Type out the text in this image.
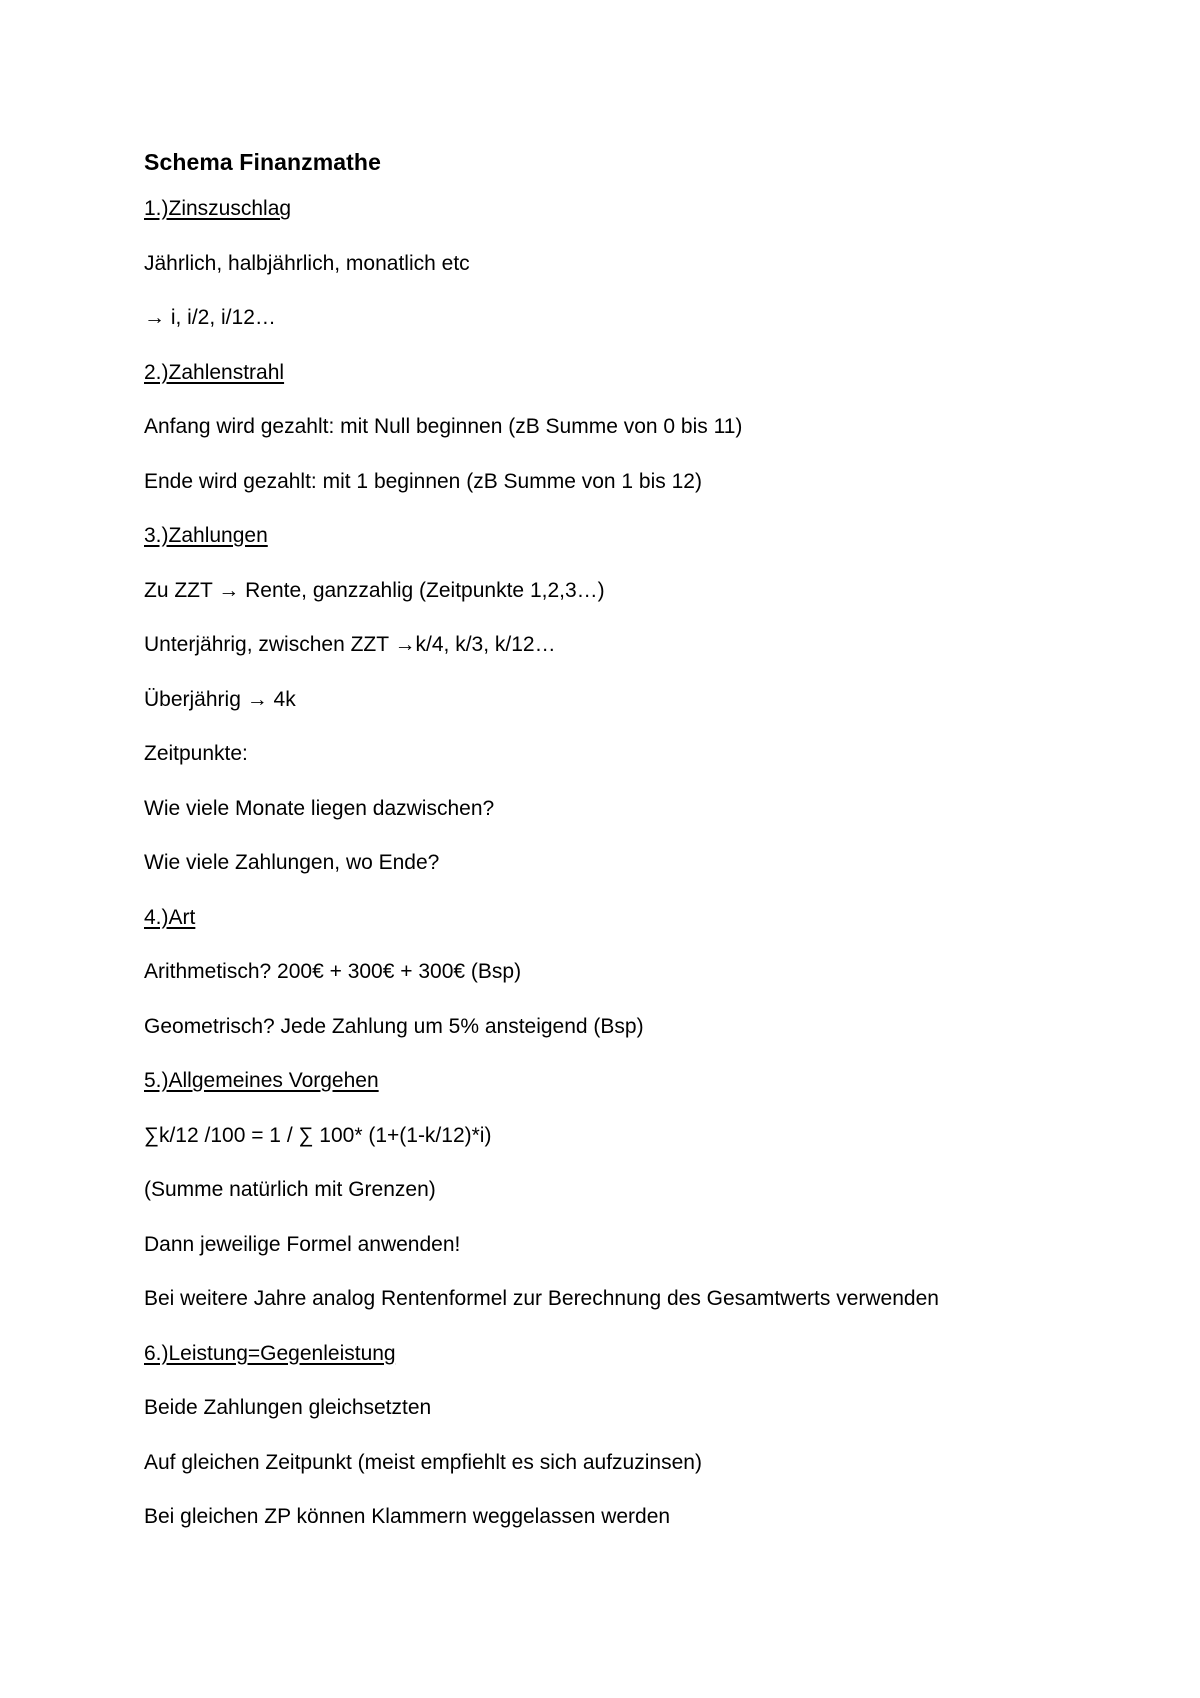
Schema Finanzmathe
1.)Zinszuschlag
Jährlich, halbjährlich, monatlich etc
→ i, i/2, i/12…
2.)Zahlenstrahl
Anfang wird gezahlt: mit Null beginnen (zB Summe von 0 bis 11)
Ende wird gezahlt: mit 1 beginnen (zB Summe von 1 bis 12)
3.)Zahlungen
Zu ZZT → Rente, ganzzahlig (Zeitpunkte 1,2,3…)
Unterjährig, zwischen ZZT →k/4, k/3, k/12…
Überjährig → 4k
Zeitpunkte:
Wie viele Monate liegen dazwischen?
Wie viele Zahlungen, wo Ende?
4.)Art
Arithmetisch? 200€ + 300€ + 300€ (Bsp)
Geometrisch? Jede Zahlung um 5% ansteigend (Bsp)
5.)Allgemeines Vorgehen
∑k/12 /100 = 1 / ∑ 100* (1+(1-k/12)*i)
(Summe natürlich mit Grenzen)
Dann jeweilige Formel anwenden!
Bei weitere Jahre analog Rentenformel zur Berechnung des Gesamtwerts verwenden
6.)Leistung=Gegenleistung
Beide Zahlungen gleichsetzten
Auf gleichen Zeitpunkt (meist empfiehlt es sich aufzuzinsen)
Bei gleichen ZP können Klammern weggelassen werden
